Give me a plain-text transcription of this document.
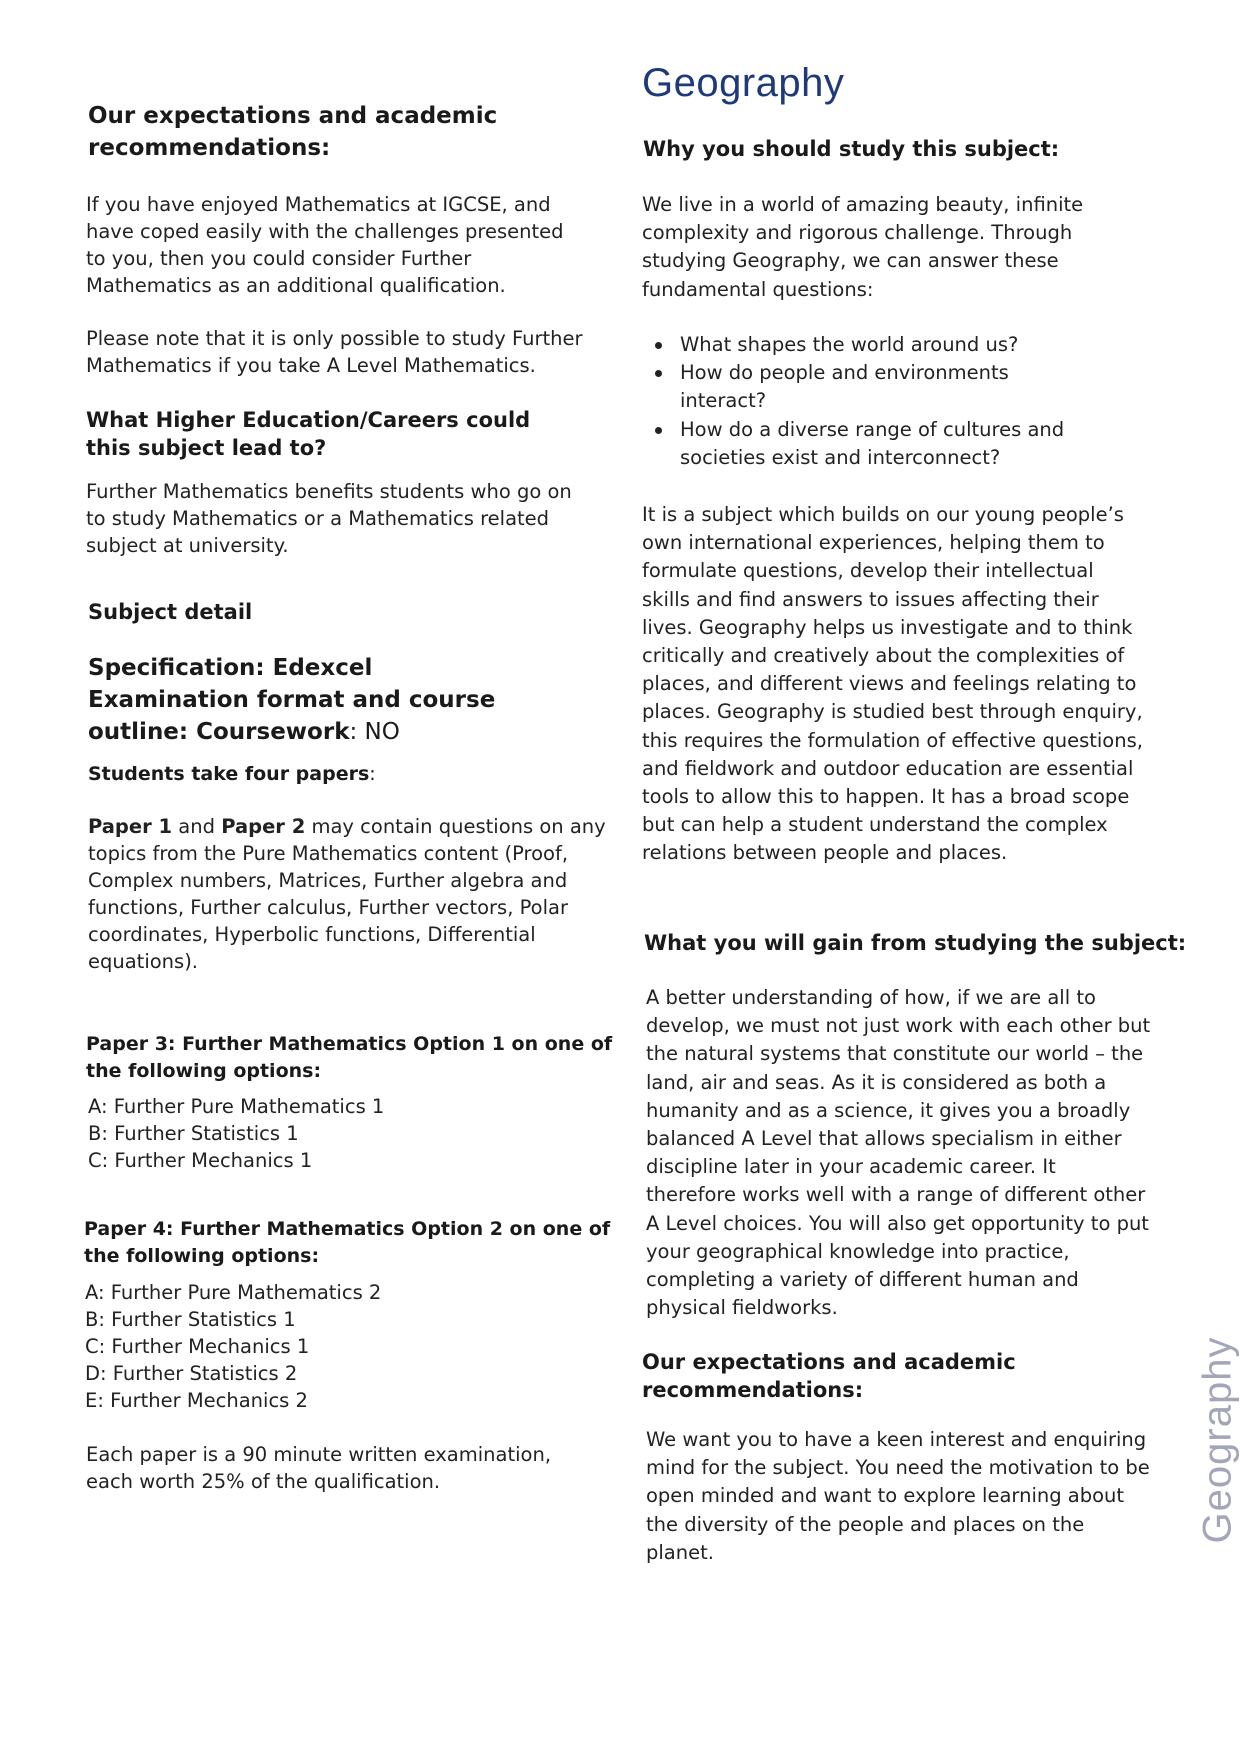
Our expectations and academic
recommendations:
If you have enjoyed Mathematics at IGCSE, and
have coped easily with the challenges presented
to you, then you could consider Further
Mathematics as an additional qualification.
Please note that it is only possible to study Further
Mathematics if you take A Level Mathematics.
What Higher Education/Careers could
this subject lead to?
Further Mathematics benefits students who go on
to study Mathematics or a Mathematics related
subject at university.
Subject detail
Specification: Edexcel
Examination format and course
outline: Coursework: NO
Students take four papers:
Paper 1 and Paper 2 may contain questions on any
topics from the Pure Mathematics content (Proof,
Complex numbers, Matrices, Further algebra and
functions, Further calculus, Further vectors, Polar
coordinates, Hyperbolic functions, Differential
equations).
Paper 3: Further Mathematics Option 1 on one of
the following options:
A: Further Pure Mathematics 1
B: Further Statistics 1
C: Further Mechanics 1
Paper 4: Further Mathematics Option 2 on one of
the following options:
A: Further Pure Mathematics 2
B: Further Statistics 1
C: Further Mechanics 1
D: Further Statistics 2
E: Further Mechanics 2
Each paper is a 90 minute written examination,
each worth 25% of the qualification.
Geography
Why you should study this subject:
We live in a world of amazing beauty, infinite
complexity and rigorous challenge. Through
studying Geography, we can answer these
fundamental questions:
What shapes the world around us?
How do people and environments
interact?
How do a diverse range of cultures and
societies exist and interconnect?
It is a subject which builds on our young people’s
own international experiences, helping them to
formulate questions, develop their intellectual
skills and find answers to issues affecting their
lives. Geography helps us investigate and to think
critically and creatively about the complexities of
places, and different views and feelings relating to
places. Geography is studied best through enquiry,
this requires the formulation of effective questions,
and fieldwork and outdoor education are essential
tools to allow this to happen. It has a broad scope
but can help a student understand the complex
relations between people and places.
What you will gain from studying the subject:
A better understanding of how, if we are all to
develop, we must not just work with each other but
the natural systems that constitute our world – the
land, air and seas. As it is considered as both a
humanity and as a science, it gives you a broadly
balanced A Level that allows specialism in either
discipline later in your academic career. It
therefore works well with a range of different other
A Level choices. You will also get opportunity to put
your geographical knowledge into practice,
completing a variety of different human and
physical fieldworks.
Our expectations and academic
recommendations:
We want you to have a keen interest and enquiring
mind for the subject. You need the motivation to be
open minded and want to explore learning about
the diversity of the people and places on the
planet.
Geography
